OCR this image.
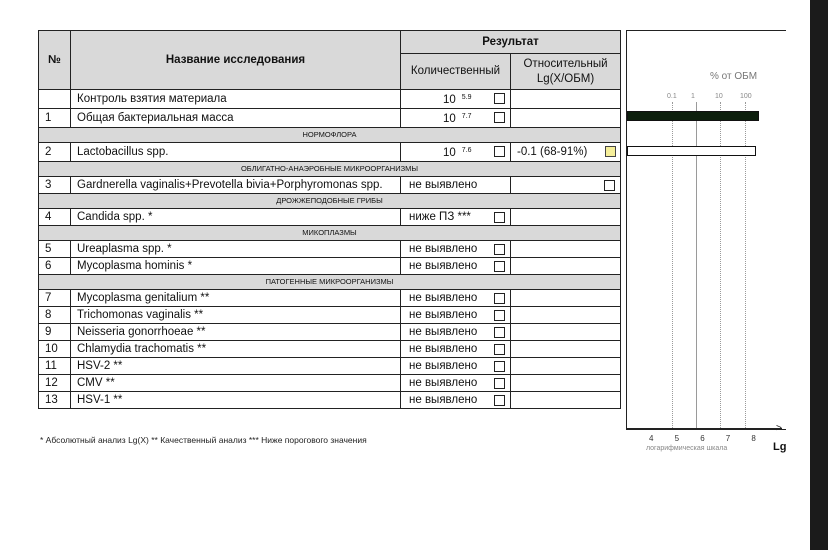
№	Название исследования	Результат	
		Количественный	Относительный
Lg(X/ОБМ)
	Контроль взятия материала	10 $^{5.9}$

1	Общая бактериальная масса	10 $^{7.7}$

НОРМОФЛОРА			
2	Lactobacillus spp.	10 $^{7.6}$	-0.1 (68-91%)

ОБЛИГАТНО-АНАЭРОБНЫЕ МИКРООРГАНИЗМЫ			
3	Gardnerella vaginalis+Prevotella bivia+Porphyromonas spp.	не выявлено	

ДРОЖЖЕПОДОБНЫЕ ГРИБЫ			
4	Candida spp. *	ниже ПЗ ***

МИКОПЛАЗМЫ			
5	Ureaplasma spp. *	не выявлено

6	Mycoplasma hominis *	не выявлено

ПАТОГЕННЫЕ МИКРООРГАНИЗМЫ			
7	Mycoplasma genitalium **	не выявлено

8	Trichomonas vaginalis **	не выявлено

9	Neisseria gonorrhoeae **	не выявлено

10	Chlamydia trachomatis **	не выявлено

11	HSV-2 **	не выявлено

12	CMV **	не выявлено

13	HSV-1 **	не выявлено

% от ОБМ
4	5	6	7	8
0.1 1	10 100
>
логарифмическая шкала	Lg
* Абсолютный анализ Lg(X) ** Качественный анализ *** Ниже порогового значения
